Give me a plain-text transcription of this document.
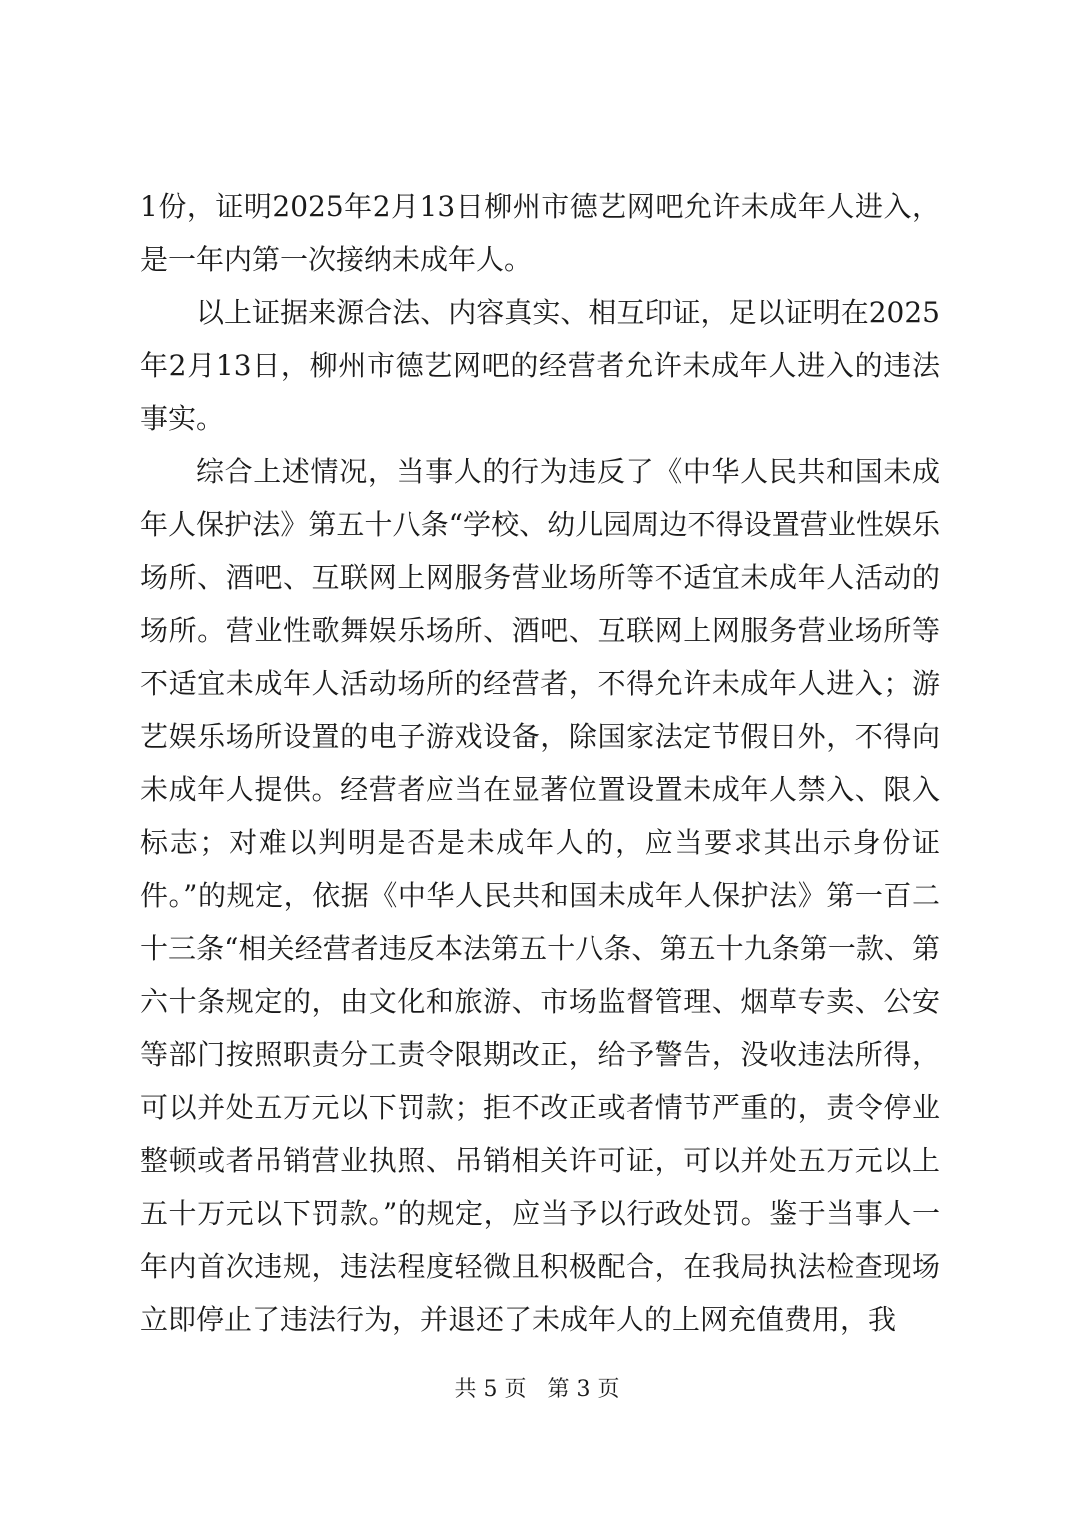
1份，证明2025年2月13日柳州市德艺网吧允许未成年人进入，是一年内第一次接纳未成年人。

以上证据来源合法、内容真实、相互印证，足以证明在2025年2月13日，柳州市德艺网吧的经营者允许未成年人进入的违法事实。

综合上述情况，当事人的行为违反了《中华人民共和国未成年人保护法》第五十八条“学校、幼儿园周边不得设置营业性娱乐场所、酒吧、互联网上网服务营业场所等不适宜未成年人活动的场所。营业性歌舞娱乐场所、酒吧、互联网上网服务营业场所等不适宜未成年人活动场所的经营者，不得允许未成年人进入；游艺娱乐场所设置的电子游戏设备，除国家法定节假日外，不得向未成年人提供。经营者应当在显著位置设置未成年人禁入、限入标志；对难以判明是否是未成年人的，应当要求其出示身份证件。”的规定，依据《中华人民共和国未成年人保护法》第一百二十三条“相关经营者违反本法第五十八条、第五十九条第一款、第六十条规定的，由文化和旅游、市场监督管理、烟草专卖、公安等部门按照职责分工责令限期改正，给予警告，没收违法所得，可以并处五万元以下罚款；拒不改正或者情节严重的，责令停业整顿或者吊销营业执照、吊销相关许可证，可以并处五万元以上五十万元以下罚款。”的规定，应当予以行政处罚。鉴于当事人一年内首次违规，违法程度轻微且积极配合，在我局执法检查现场立即停止了违法行为，并退还了未成年人的上网充值费用，我

共 5 页   第 3 页
